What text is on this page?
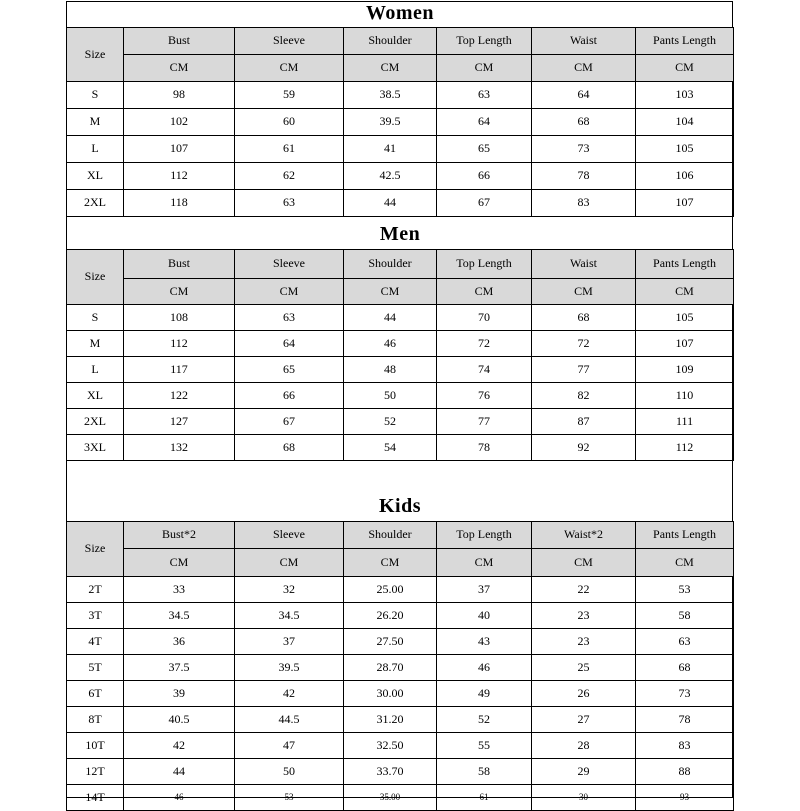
Women						
Size	Bust	Sleeve	Shoulder	Top Length	Waist	Pants Length
	CM	CM	CM	CM	CM	CM
S	98	59	38.5	63	64	103
M	102	60	39.5	64	68	104
L	107	61	41	65	73	105
XL	112	62	42.5	66	78	106
2XL	118	63	44	67	83	107
Men						
Size	Bust	Sleeve	Shoulder	Top Length	Waist	Pants Length
	CM	CM	CM	CM	CM	CM
S	108	63	44	70	68	105
M	112	64	46	72	72	107
L	117	65	48	74	77	109
XL	122	66	50	76	82	110
2XL	127	67	52	77	87	111
3XL	132	68	54	78	92	112
Kids						
Size	Bust*2	Sleeve	Shoulder	Top Length	Waist*2	Pants Length
	CM	CM	CM	CM	CM	CM
2T	33	32	25.00	37	22	53
3T	34.5	34.5	26.20	40	23	58
4T	36	37	27.50	43	23	63
5T	37.5	39.5	28.70	46	25	68
6T	39	42	30.00	49	26	73
8T	40.5	44.5	31.20	52	27	78
10T	42	47	32.50	55	28	83
12T	44	50	33.70	58	29	88
14T	46	53	35.00	61	30	93
